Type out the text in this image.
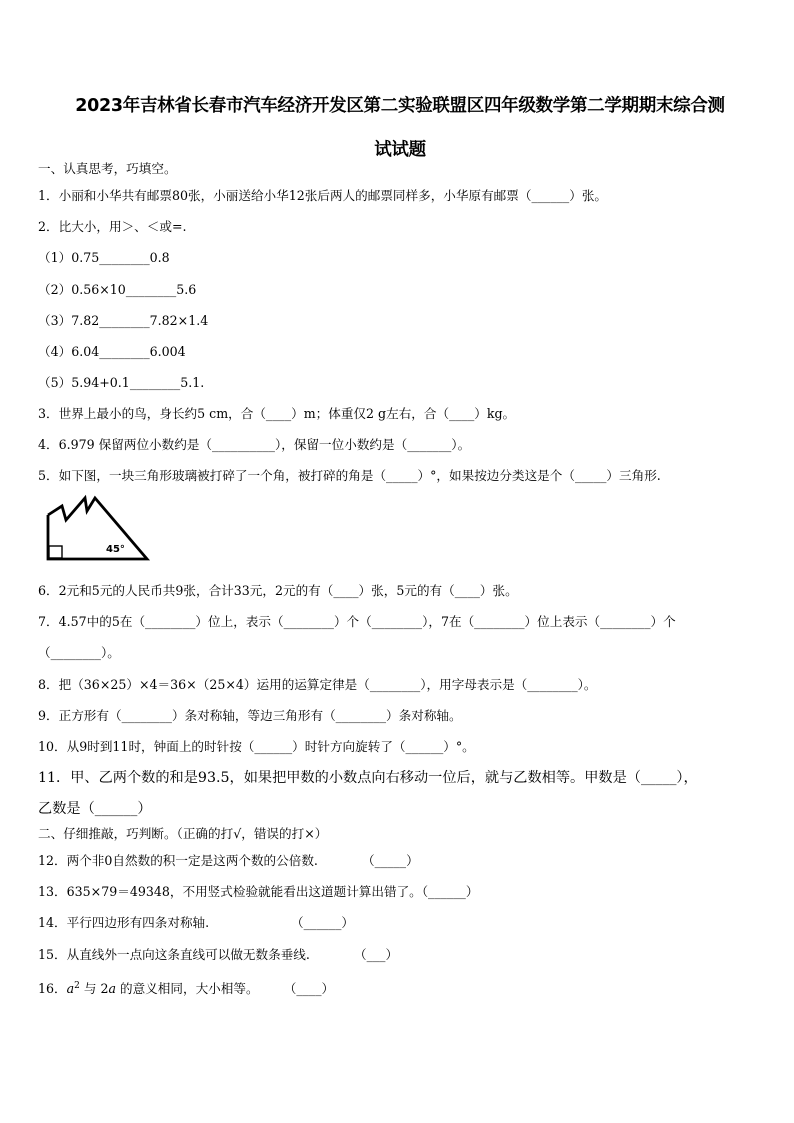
2023年吉林省长春市汽车经济开发区第二实验联盟区四年级数学第二学期期末综合测
试试题
一、认真思考，巧填空。
1．小丽和小华共有邮票80张，小丽送给小华12张后两人的邮票同样多，小华原有邮票（______）张。
2．比大小，用＞、＜或=.
（1）0.75________0.8
（2）0.56×10________5.6
（3）7.82________7.82×1.4
（4）6.04________6.004
（5）5.94+0.1________5.1.
3．世界上最小的鸟，身长约5 cm，合（____）m；体重仅2 g左右，合（____）kg。
4．6.979 保留两位小数约是（__________），保留一位小数约是（_______）。
5．如下图，一块三角形玻璃被打碎了一个角，被打碎的角是（_____）°，如果按边分类这是个（_____）三角形.
45°
6．2元和5元的人民币共9张，合计33元，2元的有（____）张，5元的有（____）张。
7．4.57中的5在（________）位上，表示（________）个（________），7在（________）位上表示（________）个
（________）。
8．把（36×25）×4＝36×（25×4）运用的运算定律是（________），用字母表示是（________）。
9．正方形有（________）条对称轴，等边三角形有（________）条对称轴。
10．从9时到11时，钟面上的时针按（______）时针方向旋转了（______）°。
11．甲、乙两个数的和是93.5，如果把甲数的小数点向右移动一位后，就与乙数相等。甲数是（_____），
乙数是（______）
二、仔细推敲，巧判断。（正确的打√，错误的打×）
12．两个非0自然数的积一定是这两个数的公倍数.　　　　（_____）
13．635×79＝49348，不用竖式检验就能看出这道题计算出错了。（______）
14．平行四边形有四条对称轴.　　　　　　　（______）
15．从直线外一点向这条直线可以做无数条垂线.　　　　（___）
16．$a^2$ 与 2a 的意义相同，大小相等。　　　（____）
